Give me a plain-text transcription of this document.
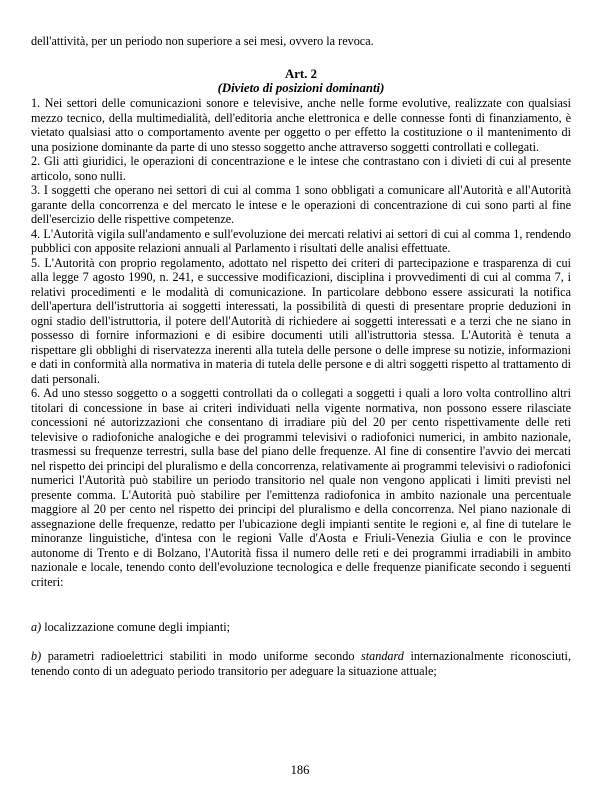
dell'attività, per un periodo non superiore a sei mesi, ovvero la revoca.

Art. 2
(Divieto di posizioni dominanti)

1. Nei settori delle comunicazioni sonore e televisive, anche nelle forme evolutive, realizzate con qualsiasi mezzo tecnico, della multimedialità, dell'editoria anche elettronica e delle connesse fonti di finanziamento, è vietato qualsiasi atto o comportamento avente per oggetto o per effetto la costituzione o il mantenimento di una posizione dominante da parte di uno stesso soggetto anche attraverso soggetti controllati e collegati.

2. Gli atti giuridici, le operazioni di concentrazione e le intese che contrastano con i divieti di cui al presente articolo, sono nulli.

3. I soggetti che operano nei settori di cui al comma 1 sono obbligati a comunicare all'Autorità e all'Autorità garante della concorrenza e del mercato le intese e le operazioni di concentrazione di cui sono parti al fine dell'esercizio delle rispettive competenze.

4. L'Autorità vigila sull'andamento e sull'evoluzione dei mercati relativi ai settori di cui al comma 1, rendendo pubblici con apposite relazioni annuali al Parlamento i risultati delle analisi effettuate.

5. L'Autorità con proprio regolamento, adottato nel rispetto dei criteri di partecipazione e trasparenza di cui alla legge 7 agosto 1990, n. 241, e successive modificazioni, disciplina i provvedimenti di cui al comma 7, i relativi procedimenti e le modalità di comunicazione. In particolare debbono essere assicurati la notifica dell'apertura dell'istruttoria ai soggetti interessati, la possibilità di questi di presentare proprie deduzioni in ogni stadio dell'istruttoria, il potere dell'Autorità di richiedere ai soggetti interessati e a terzi che ne siano in possesso di fornire informazioni e di esibire documenti utili all'istruttoria stessa. L'Autorità è tenuta a rispettare gli obblighi di riservatezza inerenti alla tutela delle persone o delle imprese su notizie, informazioni e dati in conformità alla normativa in materia di tutela delle persone e di altri soggetti rispetto al trattamento di dati personali.

6. Ad uno stesso soggetto o a soggetti controllati da o collegati a soggetti i quali a loro volta controllino altri titolari di concessione in base ai criteri individuati nella vigente normativa, non possono essere rilasciate concessioni né autorizzazioni che consentano di irradiare più del 20 per cento rispettivamente delle reti televisive o radiofoniche analogiche e dei programmi televisivi o radiofonici numerici, in ambito nazionale, trasmessi su frequenze terrestri, sulla base del piano delle frequenze. Al fine di consentire l'avvio dei mercati nel rispetto dei principi del pluralismo e della concorrenza, relativamente ai programmi televisivi o radiofonici numerici l'Autorità può stabilire un periodo transitorio nel quale non vengono applicati i limiti previsti nel presente comma. L'Autorità può stabilire per l'emittenza radiofonica in ambito nazionale una percentuale maggiore al 20 per cento nel rispetto dei principi del pluralismo e della concorrenza. Nel piano nazionale di assegnazione delle frequenze, redatto per l'ubicazione degli impianti sentite le regioni e, al fine di tutelare le minoranze linguistiche, d'intesa con le regioni Valle d'Aosta e Friuli-Venezia Giulia e con le province autonome di Trento e di Bolzano, l'Autorità fissa il numero delle reti e dei programmi irradiabili in ambito nazionale e locale, tenendo conto dell'evoluzione tecnologica e delle frequenze pianificate secondo i seguenti criteri:

a) localizzazione comune degli impianti;

b) parametri radioelettrici stabiliti in modo uniforme secondo standard internazionalmente riconosciuti, tenendo conto di un adeguato periodo transitorio per adeguare la situazione attuale;

186
